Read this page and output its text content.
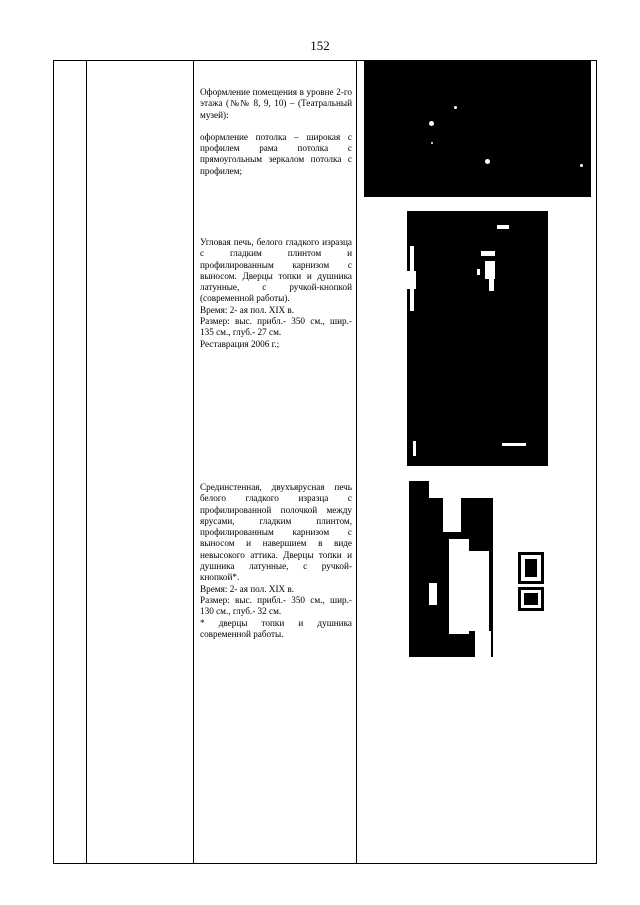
152

Оформление помещения в уровне 2-го этажа (№№ 8, 9, 10) – (Театральный музей):

оформление потолка – широкая с профилем рама потолка с прямоугольным зеркалом потолка с профилем;

Угловая печь, белого гладкого изразца с гладким плинтом и профилированным карнизом с выносом. Дверцы топки и душника латунные, с ручкой-кнопкой (современной работы).

Время: 2- ая пол. XIX в.

Размер: выс. прибл.- 350 см., шир.- 135 см., глуб.- 27 см.

Реставрация 2006 г.;

Срединстенная, двухъярусная печь белого гладкого изразца с профилированной полочкой между ярусами, гладким плинтом, профилированным карнизом с выносом и навершием в виде невысокого аттика. Дверцы топки и душника латунные, с ручкой- кнопкой*.

Время: 2- ая пол. XIX в.

Размер: выс. прибл.- 350 см., шир.- 130 см., глуб.- 32 см.

* дверцы топки и душника современной работы.
